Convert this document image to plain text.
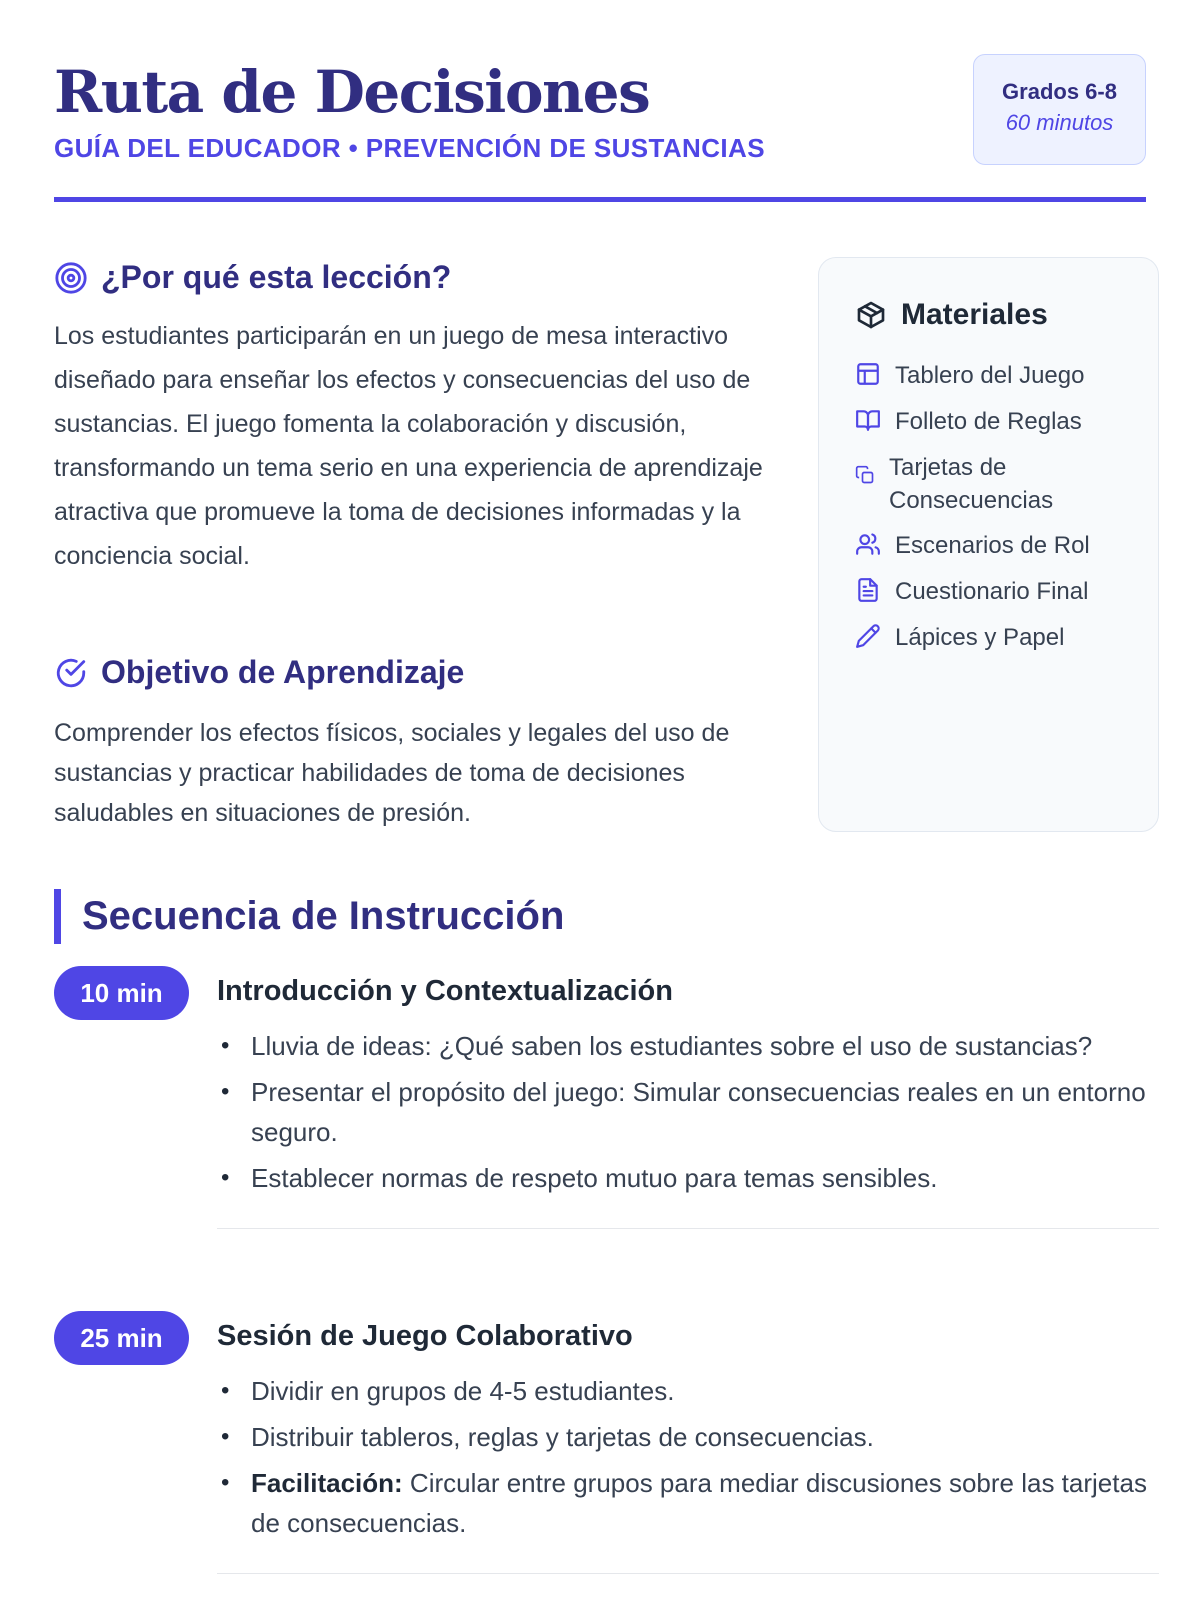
Ruta de Decisiones
GUÍA DEL EDUCADOR • PREVENCIÓN DE SUSTANCIAS
Grados 6-8
60 minutos
¿Por qué esta lección?

Los estudiantes participarán en un juego de mesa interactivo diseñado para enseñar los efectos y consecuencias del uso de sustancias. El juego fomenta la colaboración y discusión, transformando un tema serio en una experiencia de aprendizaje atractiva que promueve la toma de decisiones informadas y la conciencia social.

Objetivo de Aprendizaje

Comprender los efectos físicos, sociales y legales del uso de sustancias y practicar habilidades de toma de decisiones saludables en situaciones de presión.

Materiales
Tablero del Juego
Folleto de Reglas
Tarjetas de Consecuencias
Escenarios de Rol
Cuestionario Final
Lápices y Papel
Secuencia de Instrucción
10 min	Introducción y Contextualización
• Lluvia de ideas: ¿Qué saben los estudiantes sobre el uso de sustancias?
• Presentar el propósito del juego: Simular consecuencias reales en un entorno seguro.
• Establecer normas de respeto mutuo para temas sensibles.
25 min	Sesión de Juego Colaborativo
• Dividir en grupos de 4-5 estudiantes.
• Distribuir tableros, reglas y tarjetas de consecuencias.
• Facilitación: Circular entre grupos para mediar discusiones sobre las tarjetas de consecuencias.
